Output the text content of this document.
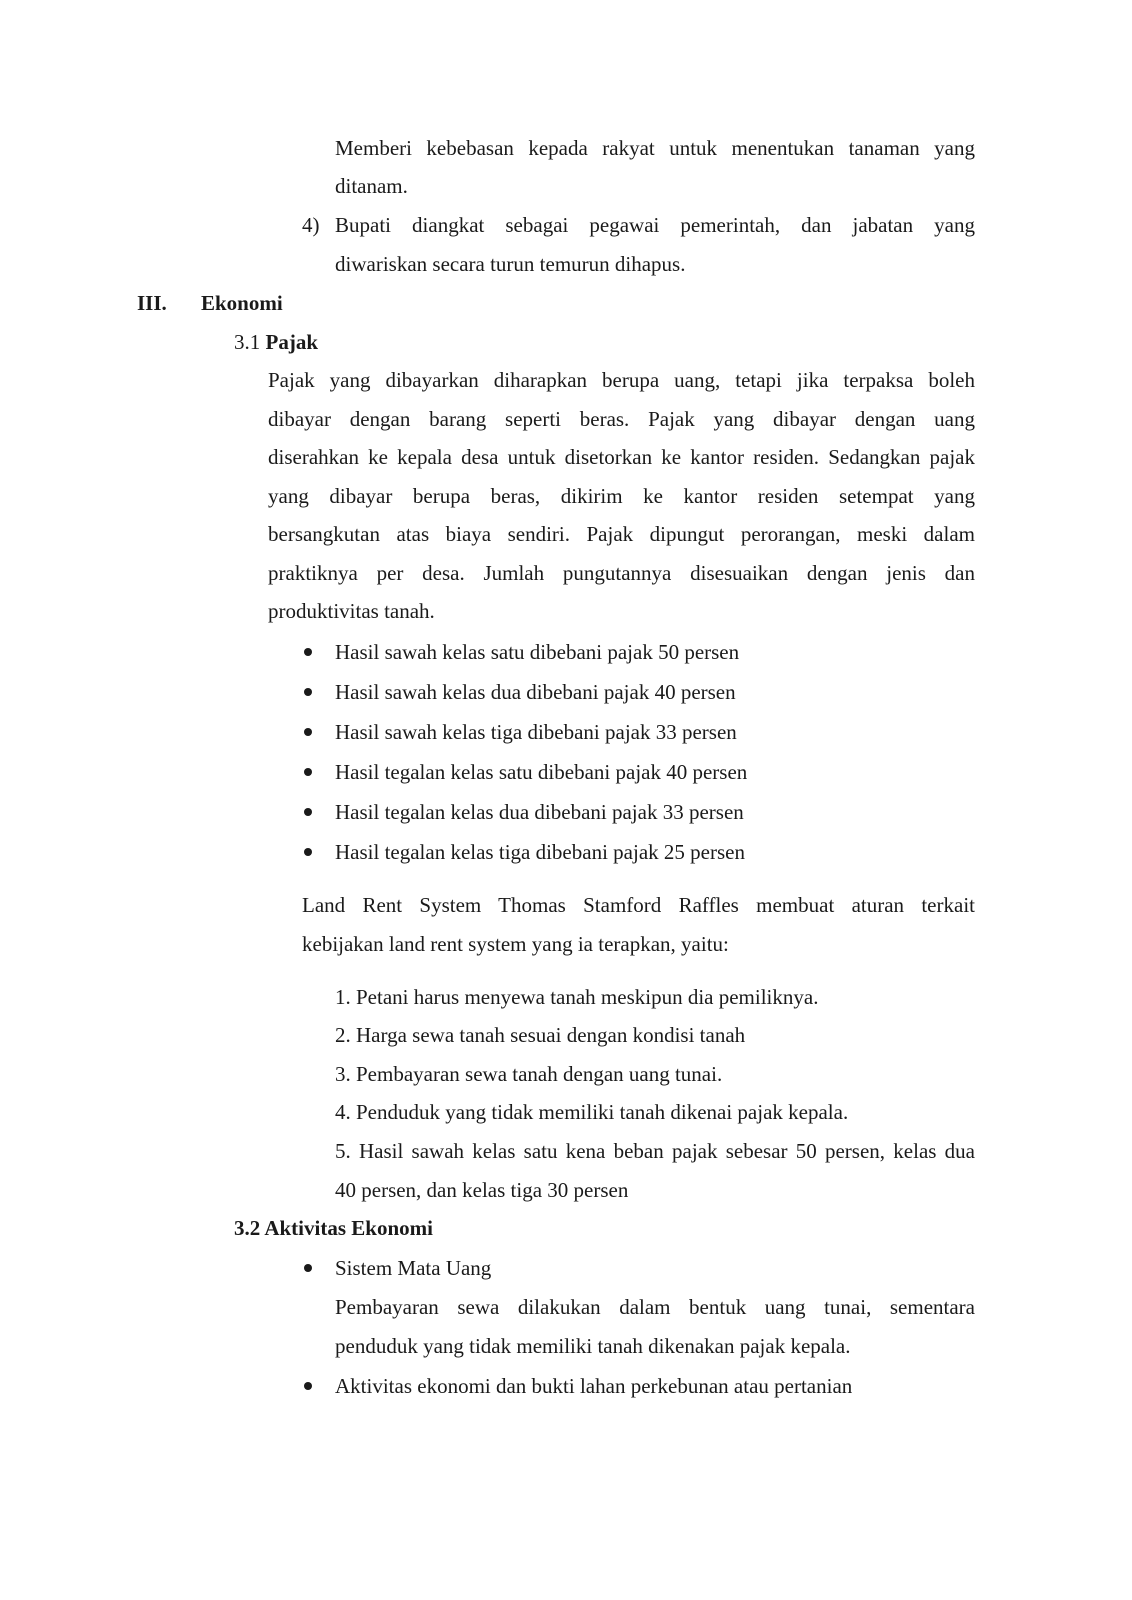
Memberi kebebasan kepada rakyat untuk menentukan tanaman yang
ditanam.
4) Bupati diangkat sebagai pegawai pemerintah, dan jabatan yang
diwariskan secara turun temurun dihapus.
III. Ekonomi
3.1 Pajak
Pajak yang dibayarkan diharapkan berupa uang, tetapi jika terpaksa boleh
dibayar dengan barang seperti beras. Pajak yang dibayar dengan uang
diserahkan ke kepala desa untuk disetorkan ke kantor residen. Sedangkan pajak
yang dibayar berupa beras, dikirim ke kantor residen setempat yang
bersangkutan atas biaya sendiri. Pajak dipungut perorangan, meski dalam
praktiknya per desa. Jumlah pungutannya disesuaikan dengan jenis dan
produktivitas tanah.
Hasil sawah kelas satu dibebani pajak 50 persen
Hasil sawah kelas dua dibebani pajak 40 persen
Hasil sawah kelas tiga dibebani pajak 33 persen
Hasil tegalan kelas satu dibebani pajak 40 persen
Hasil tegalan kelas dua dibebani pajak 33 persen
Hasil tegalan kelas tiga dibebani pajak 25 persen
Land Rent System Thomas Stamford Raffles membuat aturan terkait
kebijakan land rent system yang ia terapkan, yaitu:
1. Petani harus menyewa tanah meskipun dia pemiliknya.
2. Harga sewa tanah sesuai dengan kondisi tanah
3. Pembayaran sewa tanah dengan uang tunai.
4. Penduduk yang tidak memiliki tanah dikenai pajak kepala.
5. Hasil sawah kelas satu kena beban pajak sebesar 50 persen, kelas dua
40 persen, dan kelas tiga 30 persen
3.2 Aktivitas Ekonomi
Sistem Mata Uang
Pembayaran sewa dilakukan dalam bentuk uang tunai, sementara
penduduk yang tidak memiliki tanah dikenakan pajak kepala.
Aktivitas ekonomi dan bukti lahan perkebunan atau pertanian
